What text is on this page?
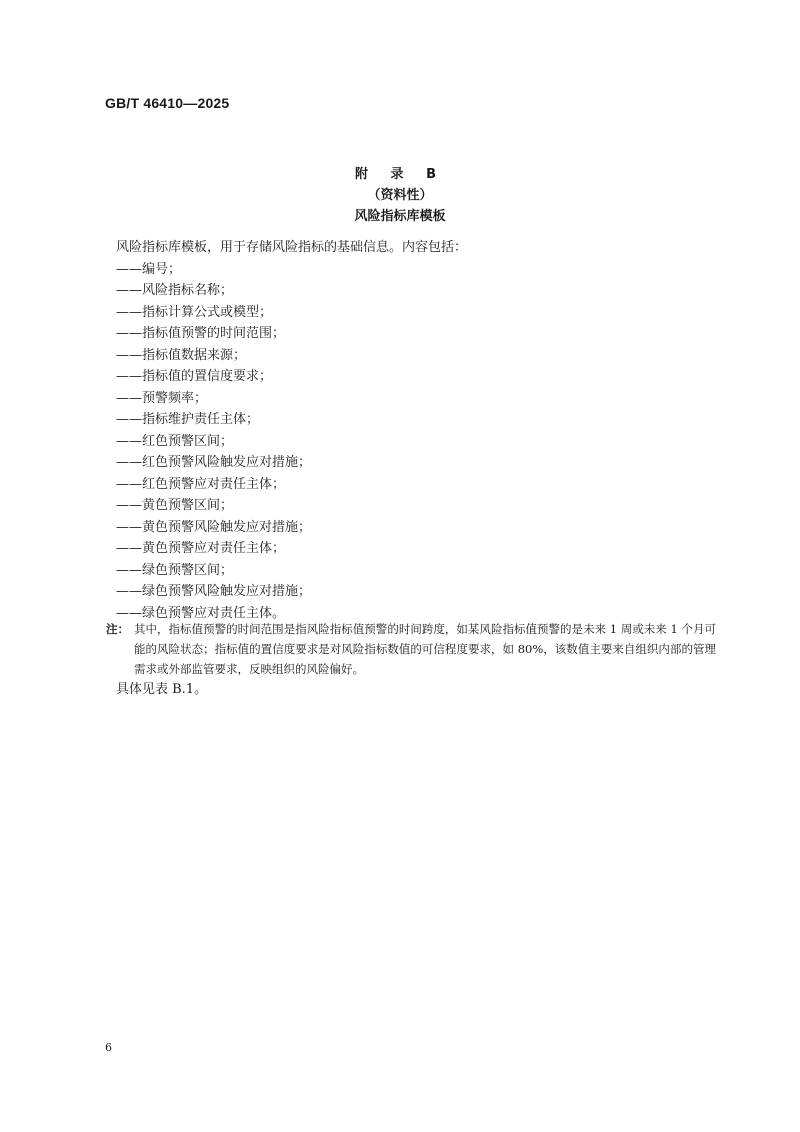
GB/T 46410—2025
附 录 B
（资料性）
风险指标库模板
风险指标库模板，用于存储风险指标的基础信息。内容包括：
——编号；
——风险指标名称；
——指标计算公式或模型；
——指标值预警的时间范围；
——指标值数据来源；
——指标值的置信度要求；
——预警频率；
——指标维护责任主体；
——红色预警区间；
——红色预警风险触发应对措施；
——红色预警应对责任主体；
——黄色预警区间；
——黄色预警风险触发应对措施；
——黄色预警应对责任主体；
——绿色预警区间；
——绿色预警风险触发应对措施；
——绿色预警应对责任主体。
注： 其中，指标值预警的时间范围是指风险指标值预警的时间跨度，如某风险指标值预警的是未来 1 周或未来 1 个月可能的风险状态；指标值的置信度要求是对风险指标数值的可信程度要求，如 80%，该数值主要来自组织内部的管理需求或外部监管要求，反映组织的风险偏好。
具体见表 B.1。
6
